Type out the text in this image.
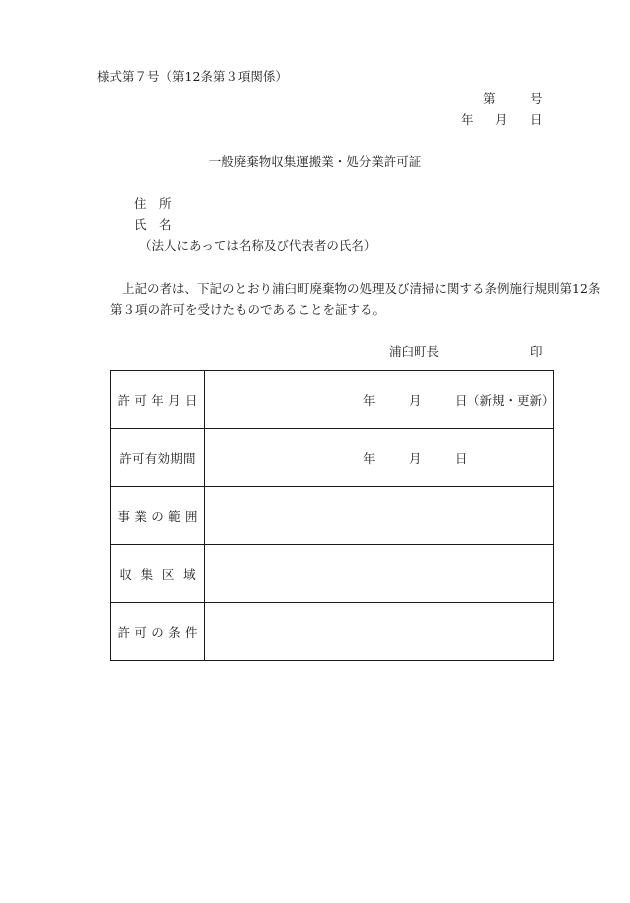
様式第７号（第12条第３項関係）
第	号
年 月 日
一般廃棄物収集運搬業・処分業許可証
住　所
氏　名
（法人にあっては名称及び代表者の氏名）
上記の者は、下記のとおり浦臼町廃棄物の処理及び清掃に関する条例施行規則第12条
第３項の許可を受けたものであることを証する。
浦臼町長	印
許可年月日	年 月 日 （新規・更新）

許可有効期間	年 月 日

事業の範囲	
収集区域	
許可の条件	
